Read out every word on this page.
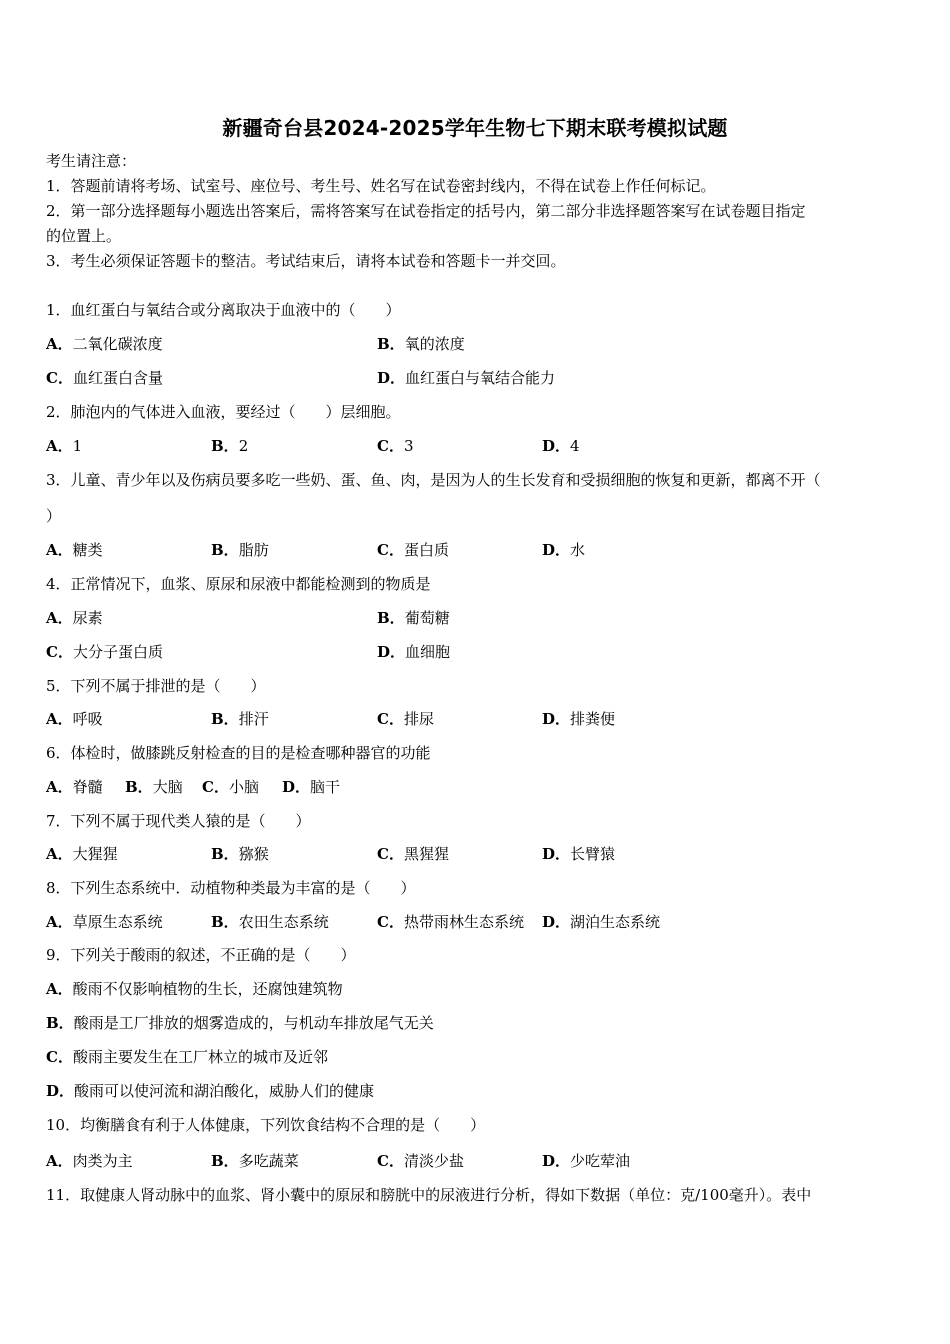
新疆奇台县2024-2025学年生物七下期末联考模拟试题
考生请注意：
1．答题前请将考场、试室号、座位号、考生号、姓名写在试卷密封线内，不得在试卷上作任何标记。
2．第一部分选择题每小题选出答案后，需将答案写在试卷指定的括号内，第二部分非选择题答案写在试卷题目指定
的位置上。
3．考生必须保证答题卡的整洁。考试结束后，请将本试卷和答题卡一并交回。
1．血红蛋白与氧结合或分离取决于血液中的（　　）
A．二氧化碳浓度	B．氧的浓度
C．血红蛋白含量	D．血红蛋白与氧结合能力
2．肺泡内的气体进入血液，要经过（　　）层细胞。
A．1	B．2	C．3	D．4
3．儿童、青少年以及伤病员要多吃一些奶、蛋、鱼、肉，是因为人的生长发育和受损细胞的恢复和更新，都离不开（
）
A．糖类	B．脂肪	C．蛋白质	D．水
4．正常情况下，血浆、原尿和尿液中都能检测到的物质是
A．尿素	B．葡萄糖
C．大分子蛋白质	D．血细胞
5．下列不属于排泄的是（　　）
A．呼吸	B．排汗	C．排尿	D．排粪便
6．体检时，做膝跳反射检查的目的是检查哪种器官的功能
A．脊髓 B．大脑 C．小脑 D．脑干
7．下列不属于现代类人猿的是（　　）
A．大猩猩	B．猕猴	C．黑猩猩	D．长臂猿
8．下列生态系统中．动植物种类最为丰富的是（　　）
A．草原生态系统	B．农田生态系统	C．热带雨林生态系统 D．湖泊生态系统
9．下列关于酸雨的叙述，不正确的是（　　）
A．酸雨不仅影响植物的生长，还腐蚀建筑物
B．酸雨是工厂排放的烟雾造成的，与机动车排放尾气无关
C．酸雨主要发生在工厂林立的城市及近邻
D．酸雨可以使河流和湖泊酸化，威胁人们的健康
10．均衡膳食有利于人体健康，下列饮食结构不合理的是（　　）
A．肉类为主	B．多吃蔬菜	C．清淡少盐	D．少吃荤油
11．取健康人肾动脉中的血浆、肾小囊中的原尿和膀胱中的尿液进行分析，得如下数据（单位：克/100毫升）。表中
